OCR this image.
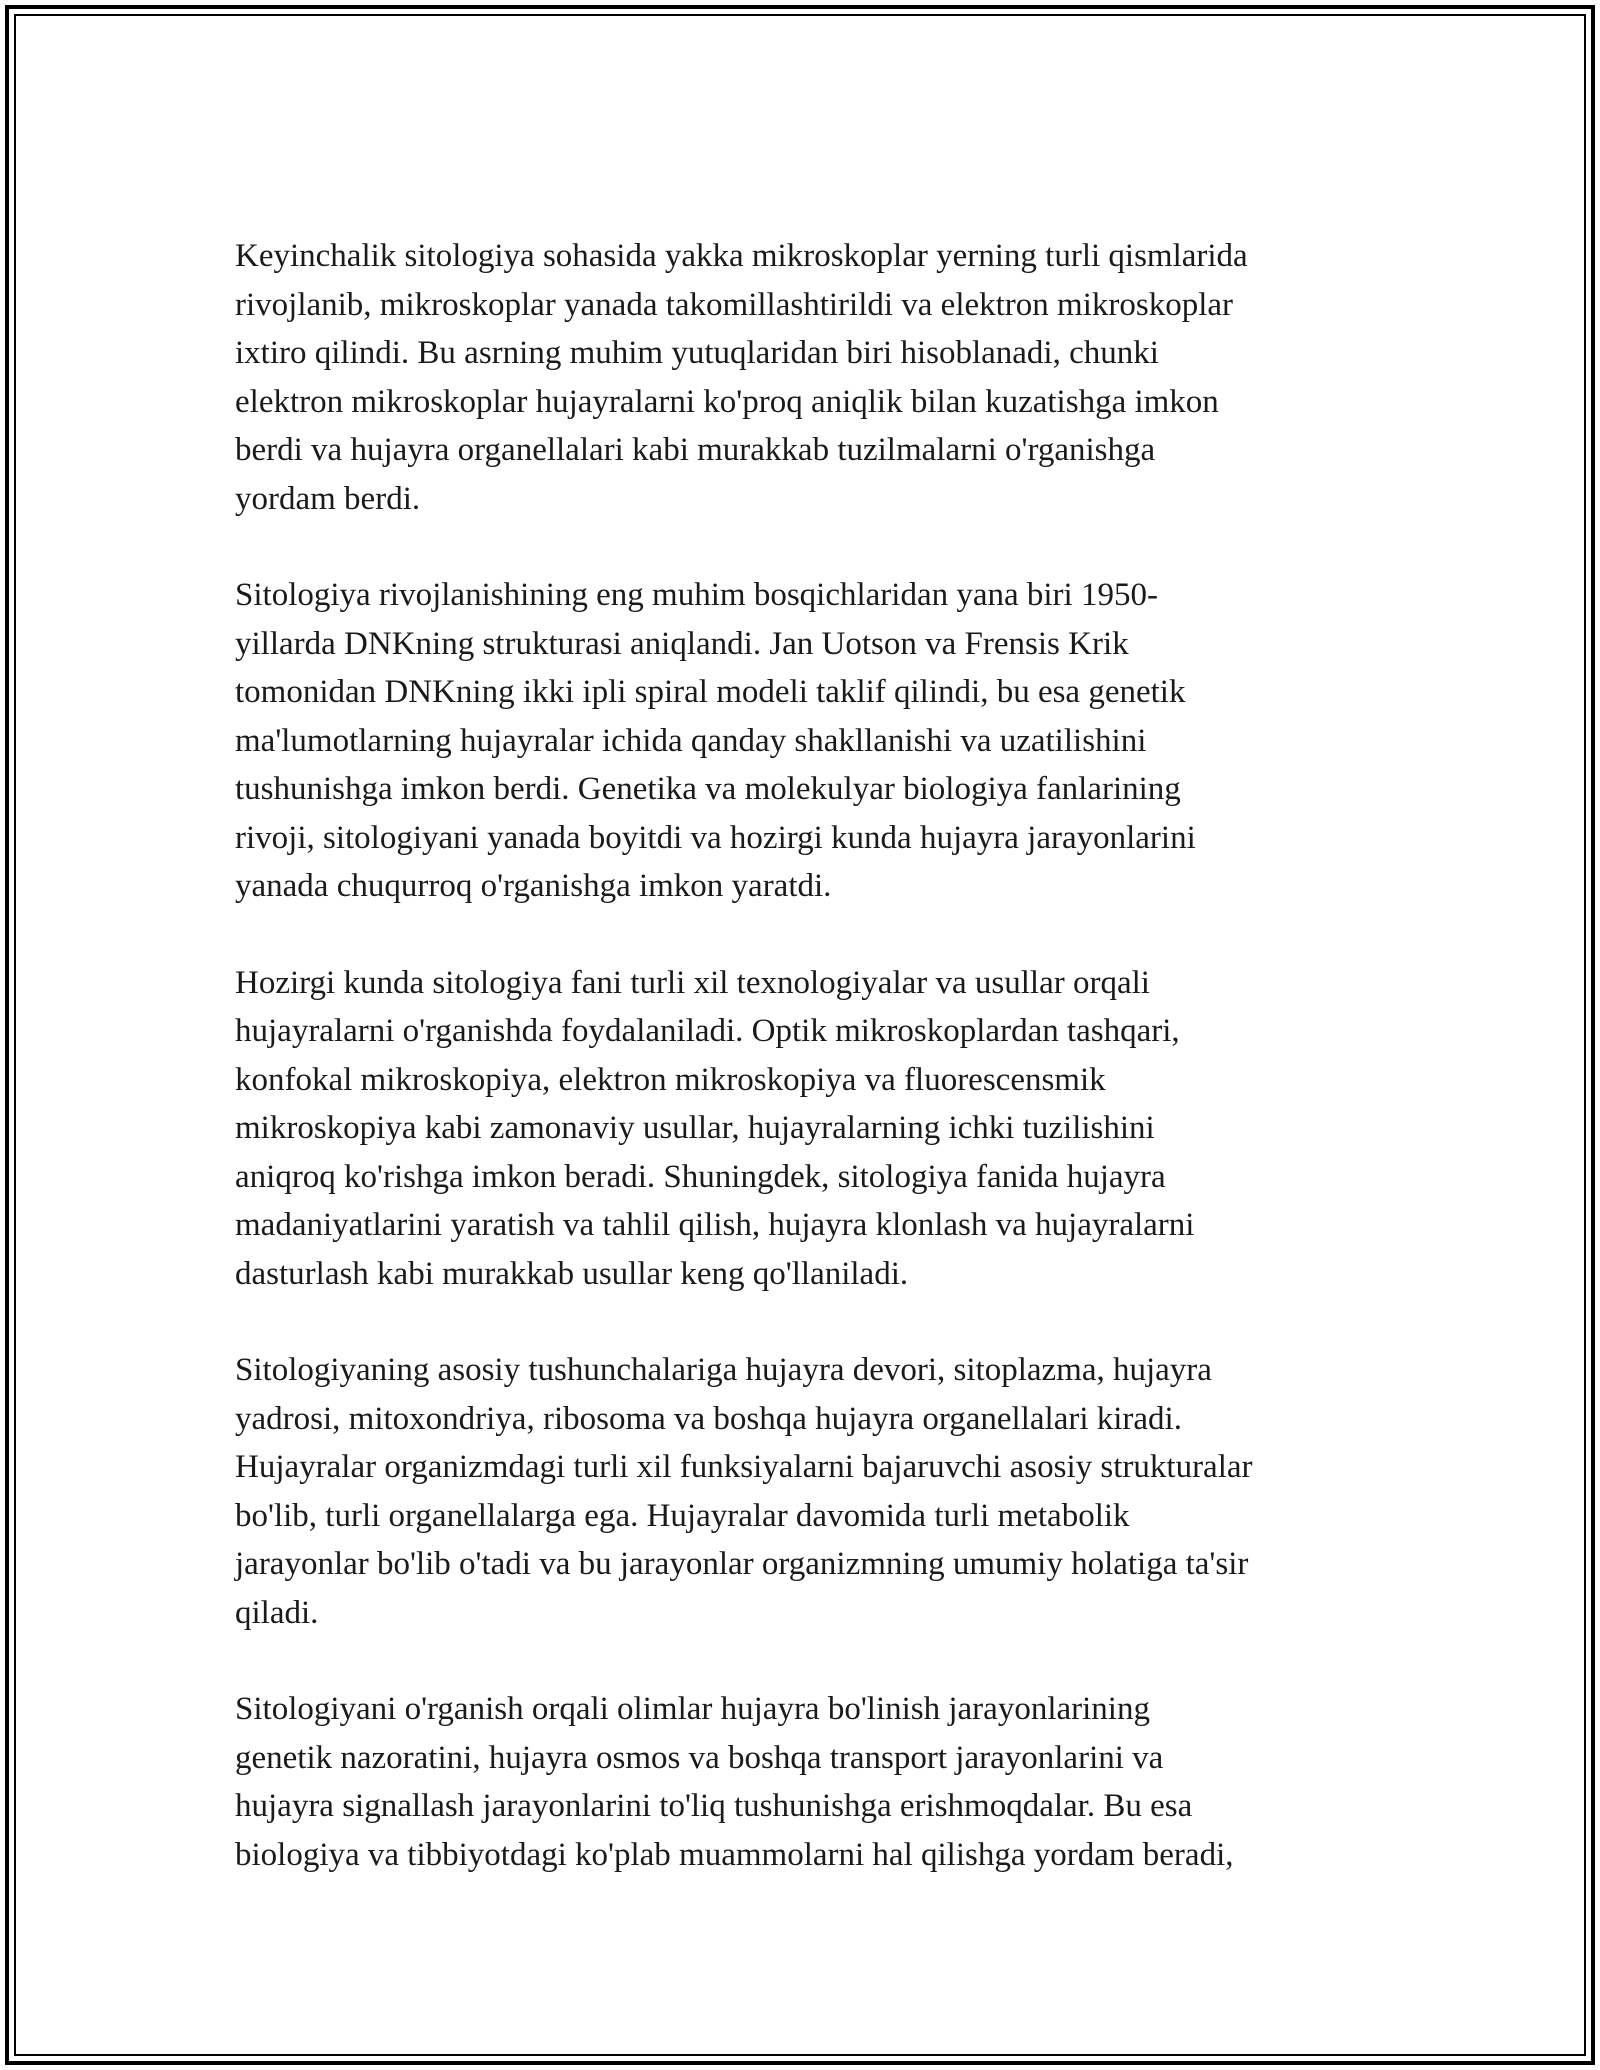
Keyinchalik sitologiya sohasida yakka mikroskoplar yerning turli qismlarida
rivojlanib, mikroskoplar yanada takomillashtirildi va elektron mikroskoplar
ixtiro qilindi. Bu asrning muhim yutuqlaridan biri hisoblanadi, chunki
elektron mikroskoplar hujayralarni ko'proq aniqlik bilan kuzatishga imkon
berdi va hujayra organellalari kabi murakkab tuzilmalarni o'rganishga
yordam berdi.

Sitologiya rivojlanishining eng muhim bosqichlaridan yana biri 1950-
yillarda DNKning strukturasi aniqlandi. Jan Uotson va Frensis Krik
tomonidan DNKning ikki ipli spiral modeli taklif qilindi, bu esa genetik
ma'lumotlarning hujayralar ichida qanday shakllanishi va uzatilishini
tushunishga imkon berdi. Genetika va molekulyar biologiya fanlarining
rivoji, sitologiyani yanada boyitdi va hozirgi kunda hujayra jarayonlarini
yanada chuqurroq o'rganishga imkon yaratdi.

Hozirgi kunda sitologiya fani turli xil texnologiyalar va usullar orqali
hujayralarni o'rganishda foydalaniladi. Optik mikroskoplardan tashqari,
konfokal mikroskopiya, elektron mikroskopiya va fluorescensmik
mikroskopiya kabi zamonaviy usullar, hujayralarning ichki tuzilishini
aniqroq ko'rishga imkon beradi. Shuningdek, sitologiya fanida hujayra
madaniyatlarini yaratish va tahlil qilish, hujayra klonlash va hujayralarni
dasturlash kabi murakkab usullar keng qo'llaniladi.

Sitologiyaning asosiy tushunchalariga hujayra devori, sitoplazma, hujayra
yadrosi, mitoxondriya, ribosoma va boshqa hujayra organellalari kiradi.
Hujayralar organizmdagi turli xil funksiyalarni bajaruvchi asosiy strukturalar
bo'lib, turli organellalarga ega. Hujayralar davomida turli metabolik
jarayonlar bo'lib o'tadi va bu jarayonlar organizmning umumiy holatiga ta'sir
qiladi.

Sitologiyani o'rganish orqali olimlar hujayra bo'linish jarayonlarining
genetik nazoratini, hujayra osmos va boshqa transport jarayonlarini va
hujayra signallash jarayonlarini to'liq tushunishga erishmoqdalar. Bu esa
biologiya va tibbiyotdagi ko'plab muammolarni hal qilishga yordam beradi,
